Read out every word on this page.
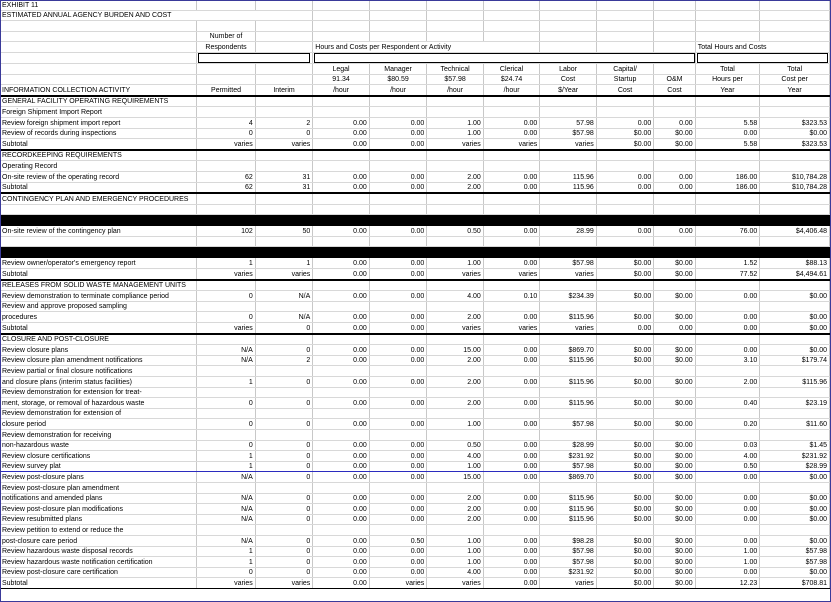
EXHIBIT 11											
ESTIMATED ANNUAL AGENCY BURDEN AND COST											

	Number of										
	Respondents		Hours and Costs per Respondent or Activity							Total Hours and Costs	

			Legal	Manager	Technical	Clerical	Labor	Capital/		Total	Total
			91.34	$80.59	$57.98	$24.74	Cost	Startup	O&M	Hours per	Cost per
INFORMATION COLLECTION ACTIVITY	Permitted	Interim	/hour	/hour	/hour	/hour	$/Year	Cost	Cost	Year	Year
GENERAL FACILITY OPERATING REQUIREMENTS											
Foreign Shipment Import Report											
Review foreign shipment import report	4	2	0.00	0.00	1.00	0.00	57.98	0.00	0.00	5.58	$323.53
Review of records during inspections	0	0	0.00	0.00	1.00	0.00	$57.98	$0.00	$0.00	0.00	$0.00
Subtotal	varies	varies	0.00	0.00	varies	varies	varies	$0.00	$0.00	5.58	$323.53
RECORDKEEPING REQUIREMENTS											
Operating Record											
On-site review of the operating record	62	31	0.00	0.00	2.00	0.00	115.96	0.00	0.00	186.00	$10,784.28
Subtotal	62	31	0.00	0.00	2.00	0.00	115.96	0.00	0.00	186.00	$10,784.28
CONTINGENCY PLAN AND EMERGENCY PROCEDURES											

On-site review of the contingency plan	102	50	0.00	0.00	0.50	0.00	28.99	0.00	0.00	76.00	$4,406.48

Review owner/operator's emergency report	1	1	0.00	0.00	1.00	0.00	$57.98	$0.00	$0.00	1.52	$88.13
Subtotal	varies	varies	0.00	0.00	varies	varies	varies	$0.00	$0.00	77.52	$4,494.61
RELEASES FROM SOLID WASTE MANAGEMENT UNITS											
Review demonstration to terminate compliance period	0	N/A	0.00	0.00	4.00	0.10	$234.39	$0.00	$0.00	0.00	$0.00
Review and approve proposed sampling											
procedures	0	N/A	0.00	0.00	2.00	0.00	$115.96	$0.00	$0.00	0.00	$0.00
Subtotal	varies	0	0.00	0.00	varies	varies	varies	0.00	0.00	0.00	$0.00
CLOSURE AND POST-CLOSURE											
Review closure plans	N/A	0	0.00	0.00	15.00	0.00	$869.70	$0.00	$0.00	0.00	$0.00
Review closure plan amendment notifications	N/A	2	0.00	0.00	2.00	0.00	$115.96	$0.00	$0.00	3.10	$179.74
Review partial or final closure notifications											
and closure plans (interim status facilities)	1	0	0.00	0.00	2.00	0.00	$115.96	$0.00	$0.00	2.00	$115.96
Review demonstration for extension for treat-											
ment, storage, or removal of hazardous waste	0	0	0.00	0.00	2.00	0.00	$115.96	$0.00	$0.00	0.40	$23.19
Review demonstration for extension of											
closure period	0	0	0.00	0.00	1.00	0.00	$57.98	$0.00	$0.00	0.20	$11.60
Review demonstration for receiving											
non-hazardous waste	0	0	0.00	0.00	0.50	0.00	$28.99	$0.00	$0.00	0.03	$1.45
Review closure certifications	1	0	0.00	0.00	4.00	0.00	$231.92	$0.00	$0.00	4.00	$231.92
Review survey plat	1	0	0.00	0.00	1.00	0.00	$57.98	$0.00	$0.00	0.50	$28.99
Review post-closure plans	N/A	0	0.00	0.00	15.00	0.00	$869.70	$0.00	$0.00	0.00	$0.00
Review post-closure plan amendment											
notifications and amended plans	N/A	0	0.00	0.00	2.00	0.00	$115.96	$0.00	$0.00	0.00	$0.00
Review post-closure plan modifications	N/A	0	0.00	0.00	2.00	0.00	$115.96	$0.00	$0.00	0.00	$0.00
Review resubmitted plans	N/A	0	0.00	0.00	2.00	0.00	$115.96	$0.00	$0.00	0.00	$0.00
Review petition to extend or reduce the											
post-closure care period	N/A	0	0.00	0.50	1.00	0.00	$98.28	$0.00	$0.00	0.00	$0.00
Review hazardous waste disposal records	1	0	0.00	0.00	1.00	0.00	$57.98	$0.00	$0.00	1.00	$57.98
Review hazardous waste notification certification	1	0	0.00	0.00	1.00	0.00	$57.98	$0.00	$0.00	1.00	$57.98
Review post-closure care certification	0	0	0.00	0.00	4.00	0.00	$231.92	$0.00	$0.00	0.00	$0.00
Subtotal	varies	varies	0.00	varies	varies	0.00	varies	$0.00	$0.00	12.23	$708.81
